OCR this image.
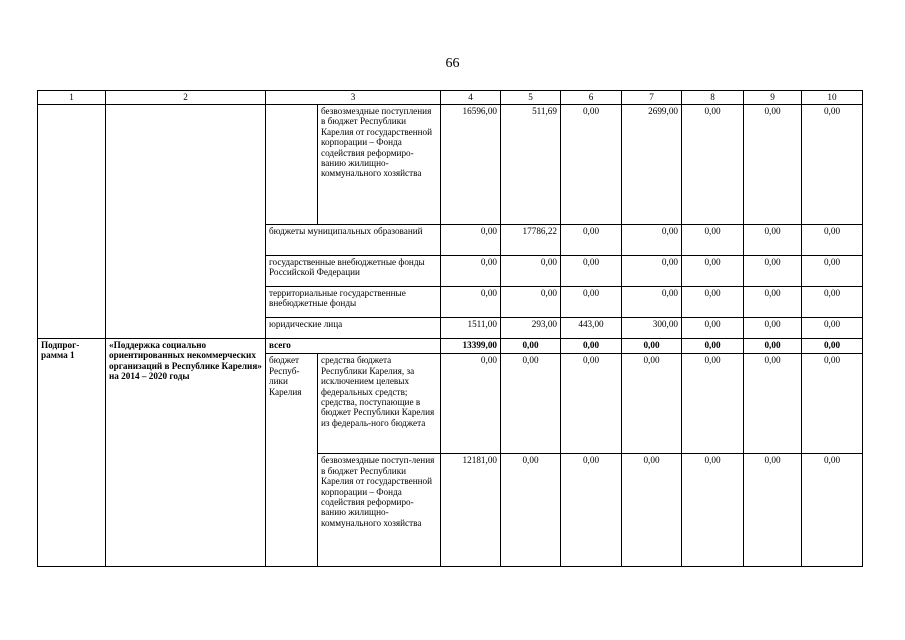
66
1	2	3		4	5	6	7	8	9	10
			безвозмездные поступления в бюджет Республики Карелия от государственной корпорации – Фонда содействия реформиро-ванию жилищно-коммунального хозяйства	16596,00	511,69	0,00	2699,00	0,00	0,00	0,00
		бюджеты муниципальных образований		0,00	17786,22	0,00	0,00	0,00	0,00	0,00
		государственные внебюджетные фонды Российской Федерации		0,00	0,00	0,00	0,00	0,00	0,00	0,00
		территориальные государственные внебюджетные фонды		0,00	0,00	0,00	0,00	0,00	0,00	0,00
		юридические лица		1511,00	293,00	443,00	300,00	0,00	0,00	0,00
Подпрог-рамма 1	«Поддержка социально ориентированных некоммерческих организаций в Республике Карелия» на 2014 – 2020 годы	всего		13399,00	0,00	0,00	0,00	0,00	0,00	0,00
		бюджет Респуб-лики Карелия	средства бюджета Республики Карелия, за исключением целевых федеральных средств; средства, поступающие в бюджет Республики Карелия из федераль-ного бюджета	0,00	0,00	0,00	0,00	0,00	0,00	0,00
			безвозмездные поступ-ления в бюджет Республики Карелия от государственной корпорации – Фонда содействия реформиро-ванию жилищно-коммунального хозяйства	12181,00	0,00	0,00	0,00	0,00	0,00	0,00
